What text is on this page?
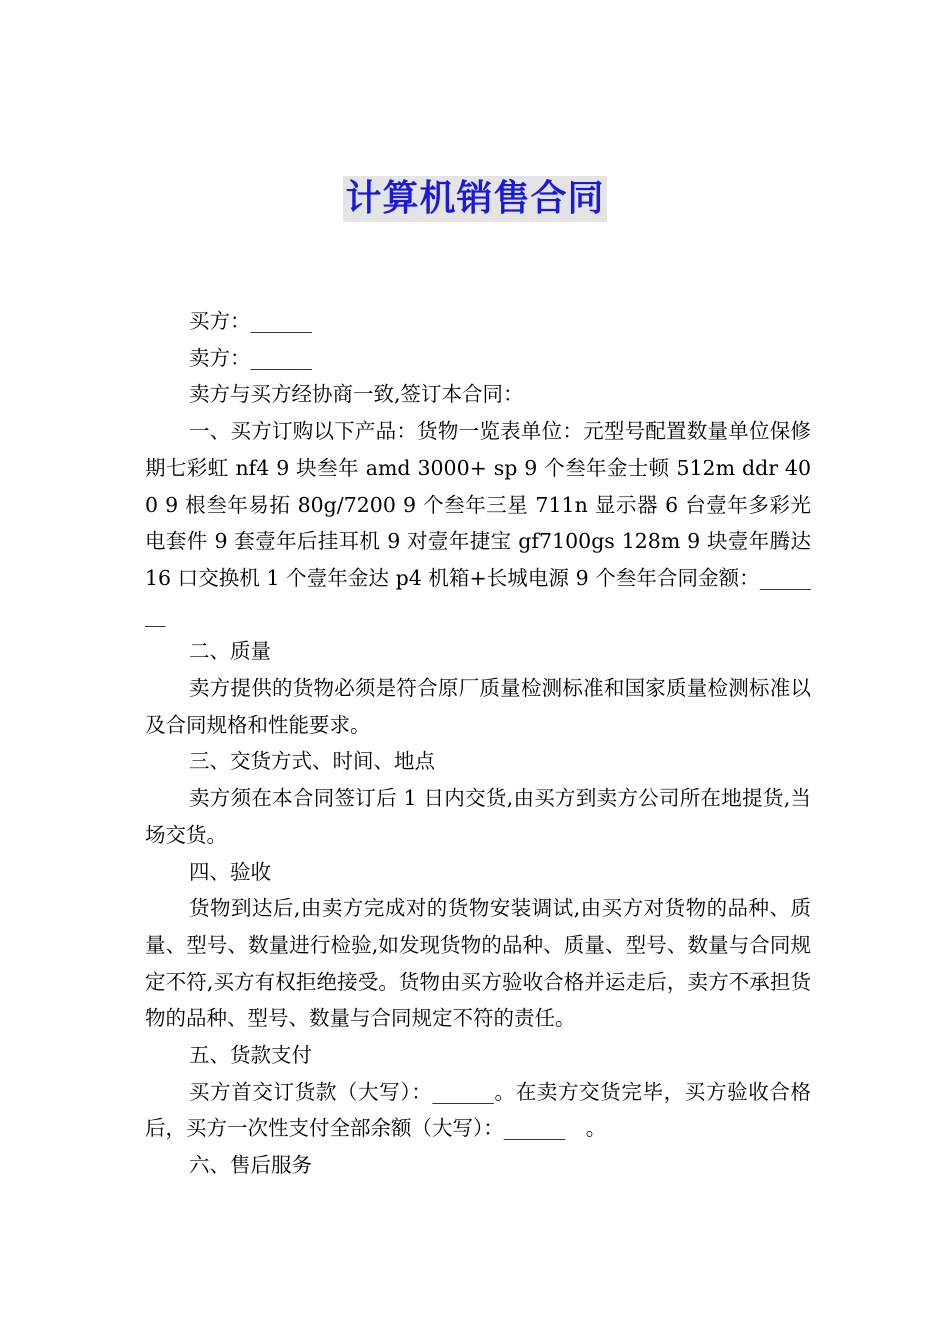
计算机销售合同

买方：______

卖方：______

卖方与买方经协商一致,签订本合同：

一、买方订购以下产品：货物一览表单位：元型号配置数量单位保修期七彩虹 nf4 9 块叁年 amd 3000+ sp 9 个叁年金士顿 512m ddr 400 9 根叁年易拓 80g/7200 9 个叁年三星 711n 显示器 6 台壹年多彩光电套件 9 套壹年后挂耳机 9 对壹年捷宝 gf7100gs 128m 9 块壹年腾达 16 口交换机 1 个壹年金达 p4 机箱+长城电源 9 个叁年合同金额：_______

二、质量

卖方提供的货物必须是符合原厂质量检测标准和国家质量检测标准以及合同规格和性能要求。

三、交货方式、时间、地点

卖方须在本合同签订后 1 日内交货,由买方到卖方公司所在地提货,当场交货。

四、验收

货物到达后,由卖方完成对的货物安装调试,由买方对货物的品种、质量、型号、数量进行检验,如发现货物的品种、质量、型号、数量与合同规定不符,买方有权拒绝接受。货物由买方验收合格并运走后，卖方不承担货物的品种、型号、数量与合同规定不符的责任。

五、货款支付

买方首交订货款（大写）：______。在卖方交货完毕，买方验收合格后，买方一次性支付全部余额（大写）：______　。

六、售后服务
